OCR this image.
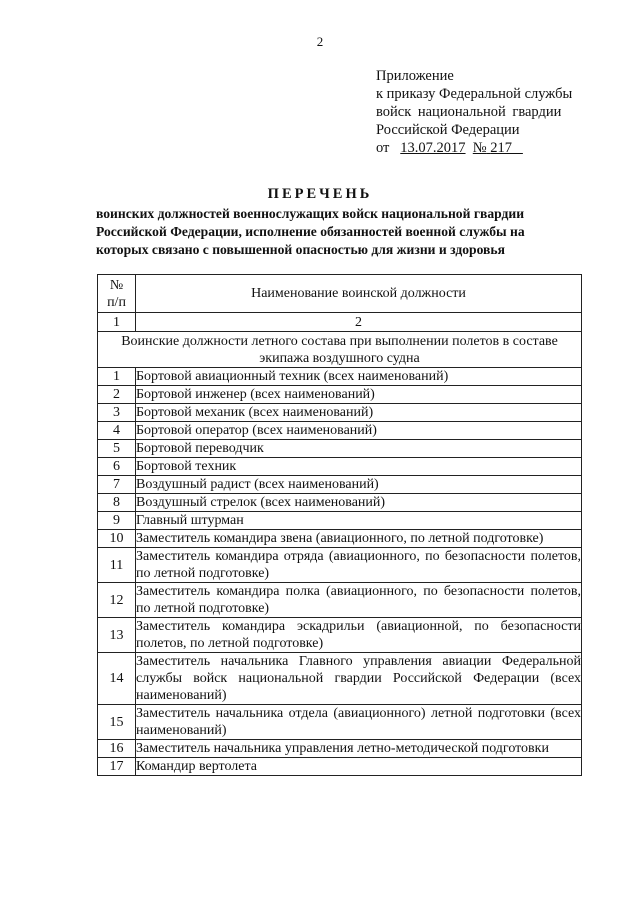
2
Приложение
к приказу Федеральной службы
войск национальной гвардии
Российской Федерации
от 13.07.2017 № 217
ПЕРЕЧЕНЬ
воинских должностей военнослужащих войск национальной гвардии
Российской Федерации, исполнение обязанностей военной службы на
которых связано с повышенной опасностью для жизни и здоровья
№
п/п	Наименование воинской должности
1	2
Воинские должности летного состава при выполнении полетов в составе экипажа воздушного судна	
1	Бортовой авиационный техник (всех наименований)
2	Бортовой инженер (всех наименований)
3	Бортовой механик (всех наименований)
4	Бортовой оператор (всех наименований)
5	Бортовой переводчик
6	Бортовой техник
7	Воздушный радист (всех наименований)
8	Воздушный стрелок (всех наименований)
9	Главный штурман
10	Заместитель командира звена (авиационного, по летной подготовке)
11	Заместитель командира отряда (авиационного, по безопасности полетов, по летной подготовке)
12	Заместитель командира полка (авиационного, по безопасности полетов, по летной подготовке)
13	Заместитель командира эскадрильи (авиационной, по безопасности полетов, по летной подготовке)
14	Заместитель начальника Главного управления авиации Федеральной службы войск национальной гвардии Российской Федерации (всех наименований)
15	Заместитель начальника отдела (авиационного) летной подготовки (всех наименований)
16	Заместитель начальника управления летно-методической подготовки
17	Командир вертолета
